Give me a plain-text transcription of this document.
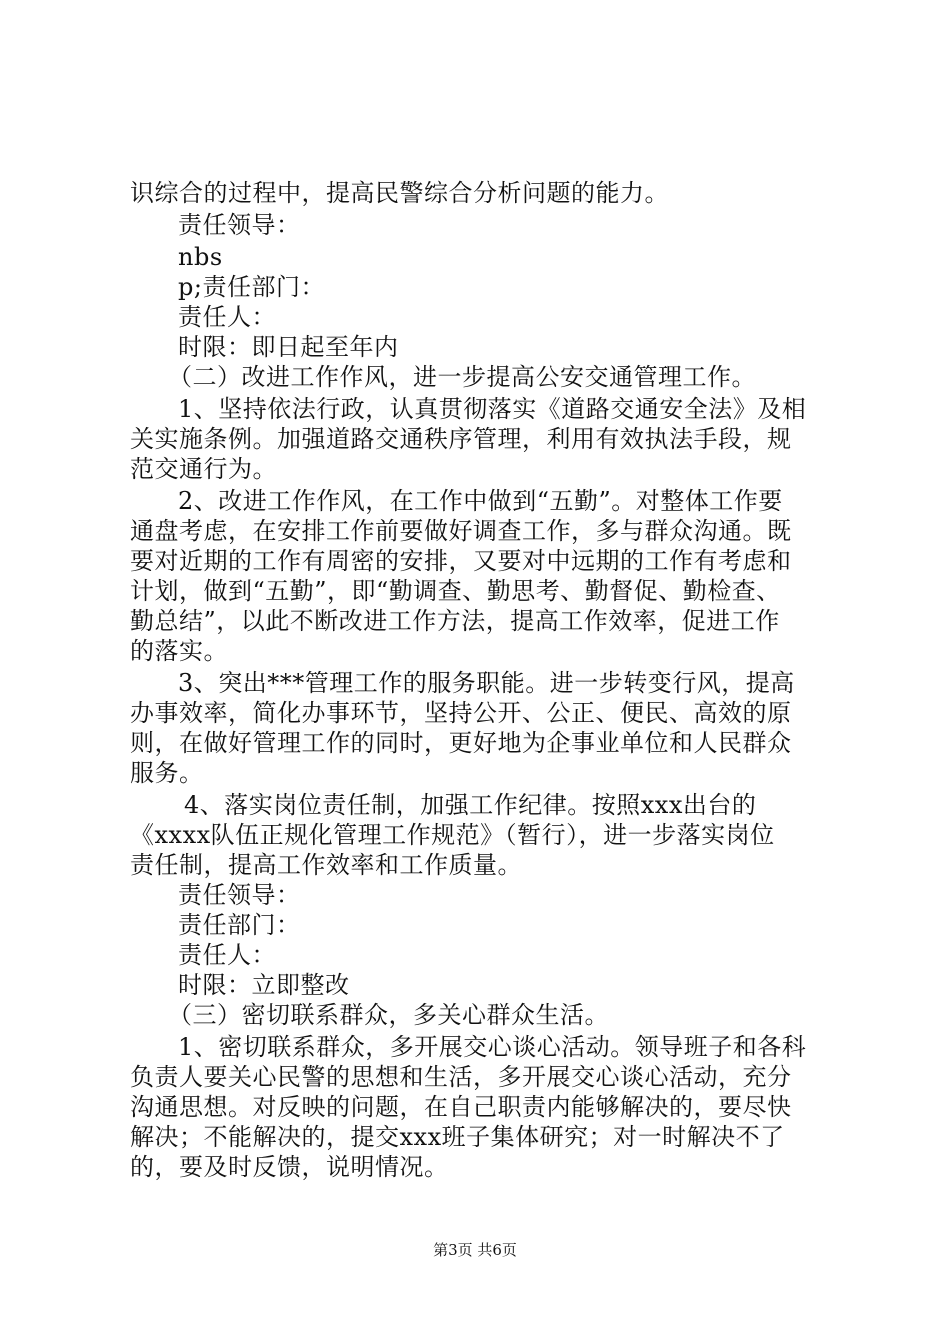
识综合的过程中，提高民警综合分析问题的能力。
责任领导：
nbs
p;责任部门：
责任人：
时限：即日起至年内
（二）改进工作作风，进一步提高公安交通管理工作。
1、坚持依法行政，认真贯彻落实《道路交通安全法》及相
关实施条例。加强道路交通秩序管理，利用有效执法手段，规
范交通行为。
2、改进工作作风，在工作中做到“五勤”。对整体工作要
通盘考虑，在安排工作前要做好调查工作，多与群众沟通。既
要对近期的工作有周密的安排，又要对中远期的工作有考虑和
计划，做到“五勤”，即“勤调查、勤思考、勤督促、勤检查、
勤总结”，以此不断改进工作方法，提高工作效率，促进工作
的落实。
3、突出***管理工作的服务职能。进一步转变行风，提高
办事效率，简化办事环节，坚持公开、公正、便民、高效的原
则，在做好管理工作的同时，更好地为企事业单位和人民群众
服务。
4、落实岗位责任制，加强工作纪律。按照xxx出台的
《xxxx队伍正规化管理工作规范》（暂行），进一步落实岗位
责任制，提高工作效率和工作质量。
责任领导：
责任部门：
责任人：
时限：立即整改
（三）密切联系群众，多关心群众生活。
1、密切联系群众，多开展交心谈心活动。领导班子和各科
负责人要关心民警的思想和生活，多开展交心谈心活动，充分
沟通思想。对反映的问题，在自己职责内能够解决的，要尽快
解决；不能解决的，提交xxx班子集体研究；对一时解决不了
的，要及时反馈，说明情况。
第3页 共6页
